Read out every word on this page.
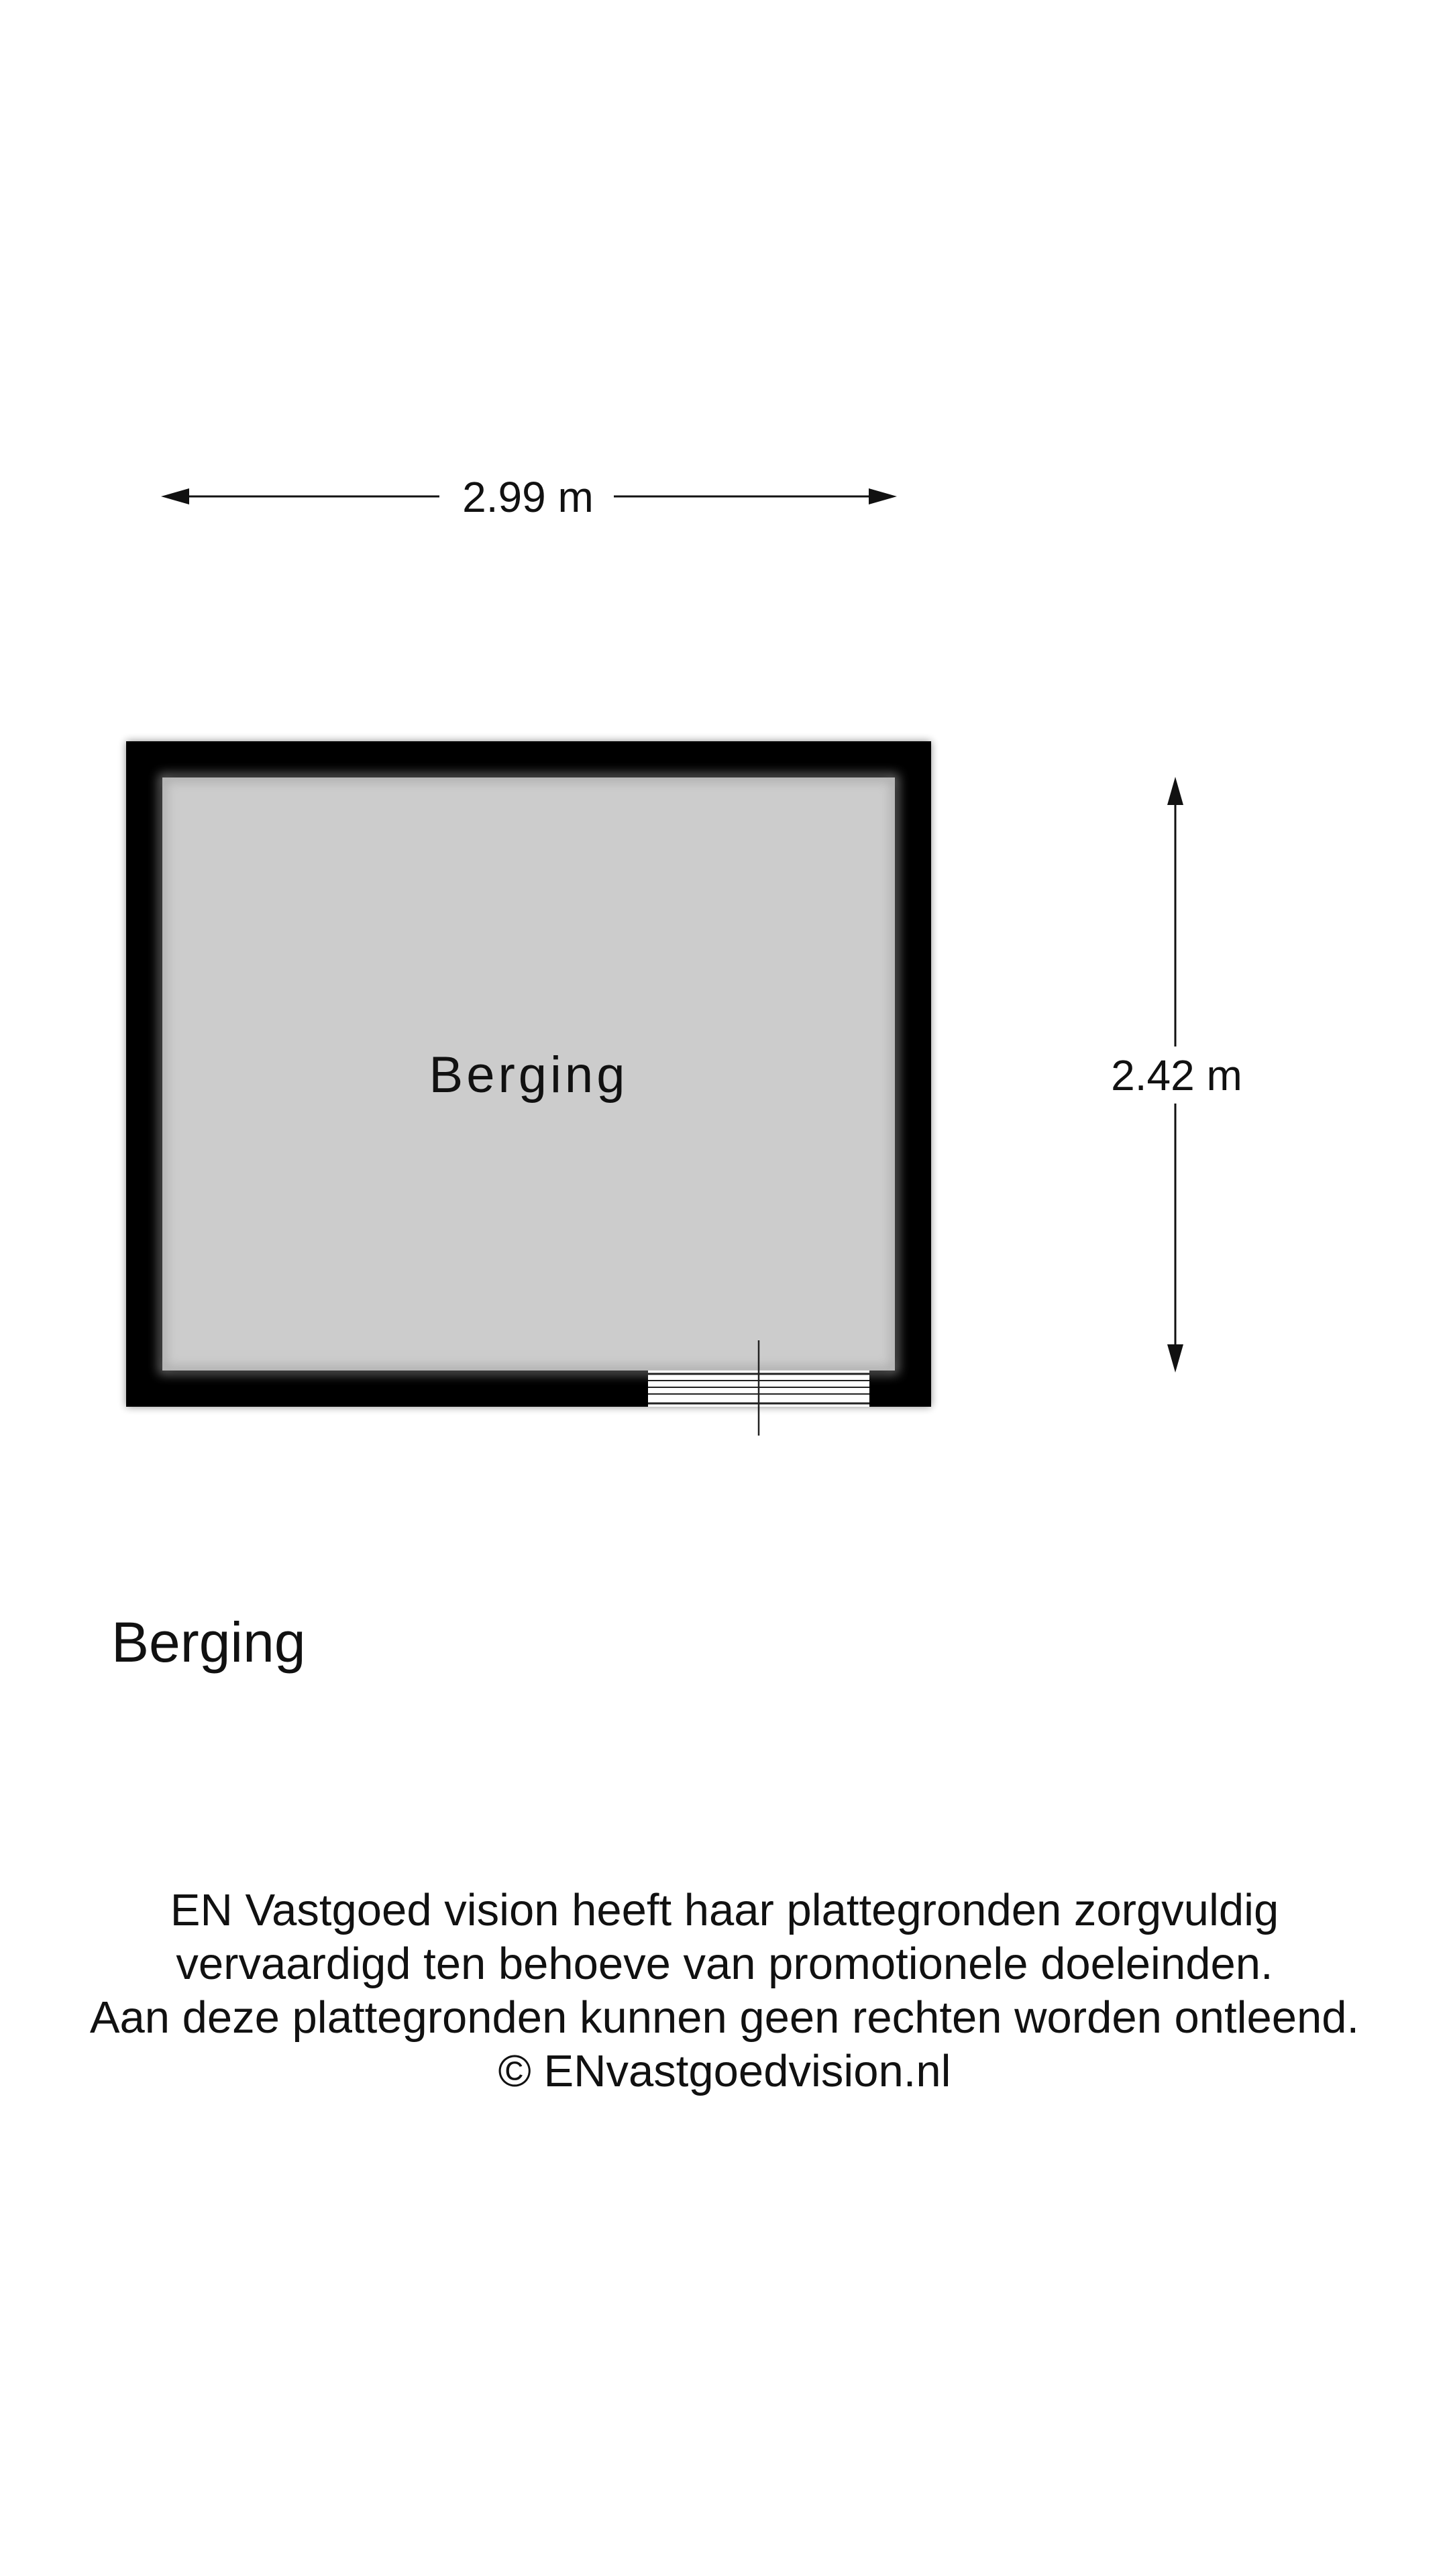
2.99 m
2.42 m
Berging
Berging
EN Vastgoed vision heeft haar plattegronden zorgvuldig
vervaardigd ten behoeve van promotionele doeleinden.
Aan deze plattegronden kunnen geen rechten worden ontleend.
© ENvastgoedvision.nl
